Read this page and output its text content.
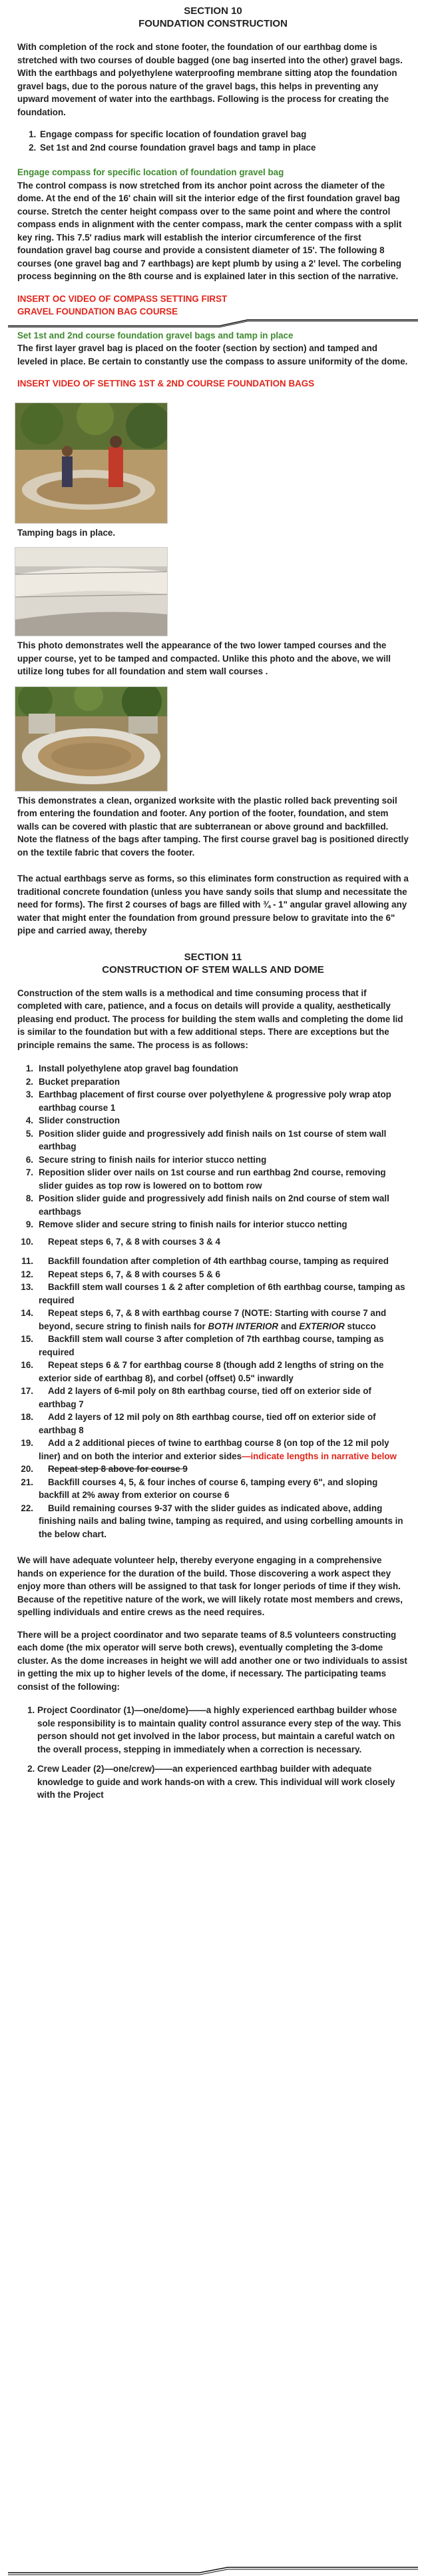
SECTION 10
FOUNDATION CONSTRUCTION

With completion of the rock and stone footer, the foundation of our earthbag dome is stretched with two courses of double bagged (one bag inserted into the other) gravel bags. With the earthbags and polyethylene waterproofing membrane sitting atop the foundation gravel bags, due to the porous nature of the gravel bags, this helps in preventing any upward movement of water into the earthbags. Following is the process for creating the foundation.

1. Engage compass for specific location of foundation gravel bag
2. Set 1st and 2nd course foundation gravel bags and tamp in place
Engage compass for specific location of foundation gravel bag

The control compass is now stretched from its anchor point across the diameter of the dome. At the end of the 16' chain will sit the interior edge of the first foundation gravel bag course. Stretch the center height compass over to the same point and where the control compass ends in alignment with the center compass, mark the center compass with a split key ring. This 7.5' radius mark will establish the interior circumference of the first foundation gravel bag course and provide a consistent diameter of 15'. The following 8 courses (one gravel bag and 7 earthbags) are kept plumb by using a 2' level. The corbeling process beginning on the 8th course and is explained later in this section of the narrative.

INSERT OC VIDEO OF COMPASS SETTING FIRST GRAVEL FOUNDATION BAG COURSE
Set 1st and 2nd course foundation gravel bags and tamp in place

The first layer gravel bag is placed on the footer (section by section) and tamped and leveled in place. Be certain to constantly use the compass to assure uniformity of the dome.

INSERT VIDEO OF SETTING 1ST & 2ND COURSE FOUNDATION BAGS
Tamping bags in place.

This photo demonstrates well the appearance of the two lower tamped courses and the upper course, yet to be tamped and compacted. Unlike this photo and the above, we will utilize long tubes for all foundation and stem wall courses .

This demonstrates a clean, organized worksite with the plastic rolled back preventing soil from entering the foundation and footer. Any portion of the footer, foundation, and stem walls can be covered with plastic that are subterranean or above ground and backfilled. Note the flatness of the bags after tamping. The first course gravel bag is positioned directly on the textile fabric that covers the footer.

The actual earthbags serve as forms, so this eliminates form construction as required with a traditional concrete foundation (unless you have sandy soils that slump and necessitate the need for forms). The first 2 courses of bags are filled with ¾ - 1" angular gravel allowing any water that might enter the foundation from ground pressure below to gravitate into the 6" pipe and carried away, thereby

SECTION 11
CONSTRUCTION OF STEM WALLS AND DOME

Construction of the stem walls is a methodical and time consuming process that if completed with care, patience, and a focus on details will provide a quality, aesthetically pleasing end product. The process for building the stem walls and completing the dome lid is similar to the foundation but with a few additional steps. There are exceptions but the principle remains the same. The process is as follows:

1. Install polyethylene atop gravel bag foundation
2. Bucket preparation
3. Earthbag placement of first course over polyethylene & progressive poly wrap atop earthbag course 1
4. Slider construction
5. Position slider guide and progressively add finish nails on 1st course of stem wall earthbag
6. Secure string to finish nails for interior stucco netting
7. Reposition slider over nails on 1st course and run earthbag 2nd course, removing slider guides as top row is lowered on to bottom row
8. Position slider guide and progressively add finish nails on 2nd course of stem wall earthbags
9. Remove slider and secure string to finish nails for interior stucco netting
10.	Repeat steps 6, 7, & 8 with courses 3 & 4
11.	Backfill foundation after completion of 4th earthbag course, tamping as required
12.	Repeat steps 6, 7, & 8 with courses 5 & 6
13.	Backfill stem wall courses 1 & 2 after completion of 6th earthbag course, tamping as required
14.	Repeat steps 6, 7, & 8 with earthbag course 7 (NOTE: Starting with course 7 and beyond, secure string to finish nails for BOTH INTERIOR and EXTERIOR stucco
15.	Backfill stem wall course 3 after completion of 7th earthbag course, tamping as required
16.	Repeat steps 6 & 7 for earthbag course 8 (though add 2 lengths of string on the exterior side of earthbag 8), and corbel (offset) 0.5" inwardly
17.	Add 2 layers of 6-mil poly on 8th earthbag course, tied off on exterior side of earthbag 7
18.	Add 2 layers of 12 mil poly on 8th earthbag course, tied off on exterior side of earthbag 8
19.	Add a 2 additional pieces of twine to earthbag course 8 (on top of the 12 mil poly liner) and on both the interior and exterior sides—indicate lengths in narrative below
20.	Repeat step 8 above for course 9
21.	Backfill courses 4, 5, & four inches of course 6, tamping every 6", and sloping backfill at 2% away from exterior on course 6
22.	Build remaining courses 9-37 with the slider guides as indicated above, adding finishing nails and baling twine, tamping as required, and using corbelling amounts in the below chart.

We will have adequate volunteer help, thereby everyone engaging in a comprehensive hands on experience for the duration of the build. Those discovering a work aspect they enjoy more than others will be assigned to that task for longer periods of time if they wish. Because of the repetitive nature of the work, we will likely rotate most members and crews, spelling individuals and entire crews as the need requires.

There will be a project coordinator and two separate teams of 8.5 volunteers constructing each dome (the mix operator will serve both crews), eventually completing the 3-dome cluster. As the dome increases in height we will add another one or two individuals to assist in getting the mix up to higher levels of the dome, if necessary. The participating teams consist of the following:

1. Project Coordinator (1)—one/dome)——a highly experienced earthbag builder whose sole responsibility is to maintain quality control assurance every step of the way. This person should not get involved in the labor process, but maintain a careful watch on the overall process, stepping in immediately when a correction is necessary.
2. Crew Leader (2)—one/crew)——an experienced earthbag builder with adequate knowledge to guide and work hands-on with a crew. This individual will work closely with the Project
